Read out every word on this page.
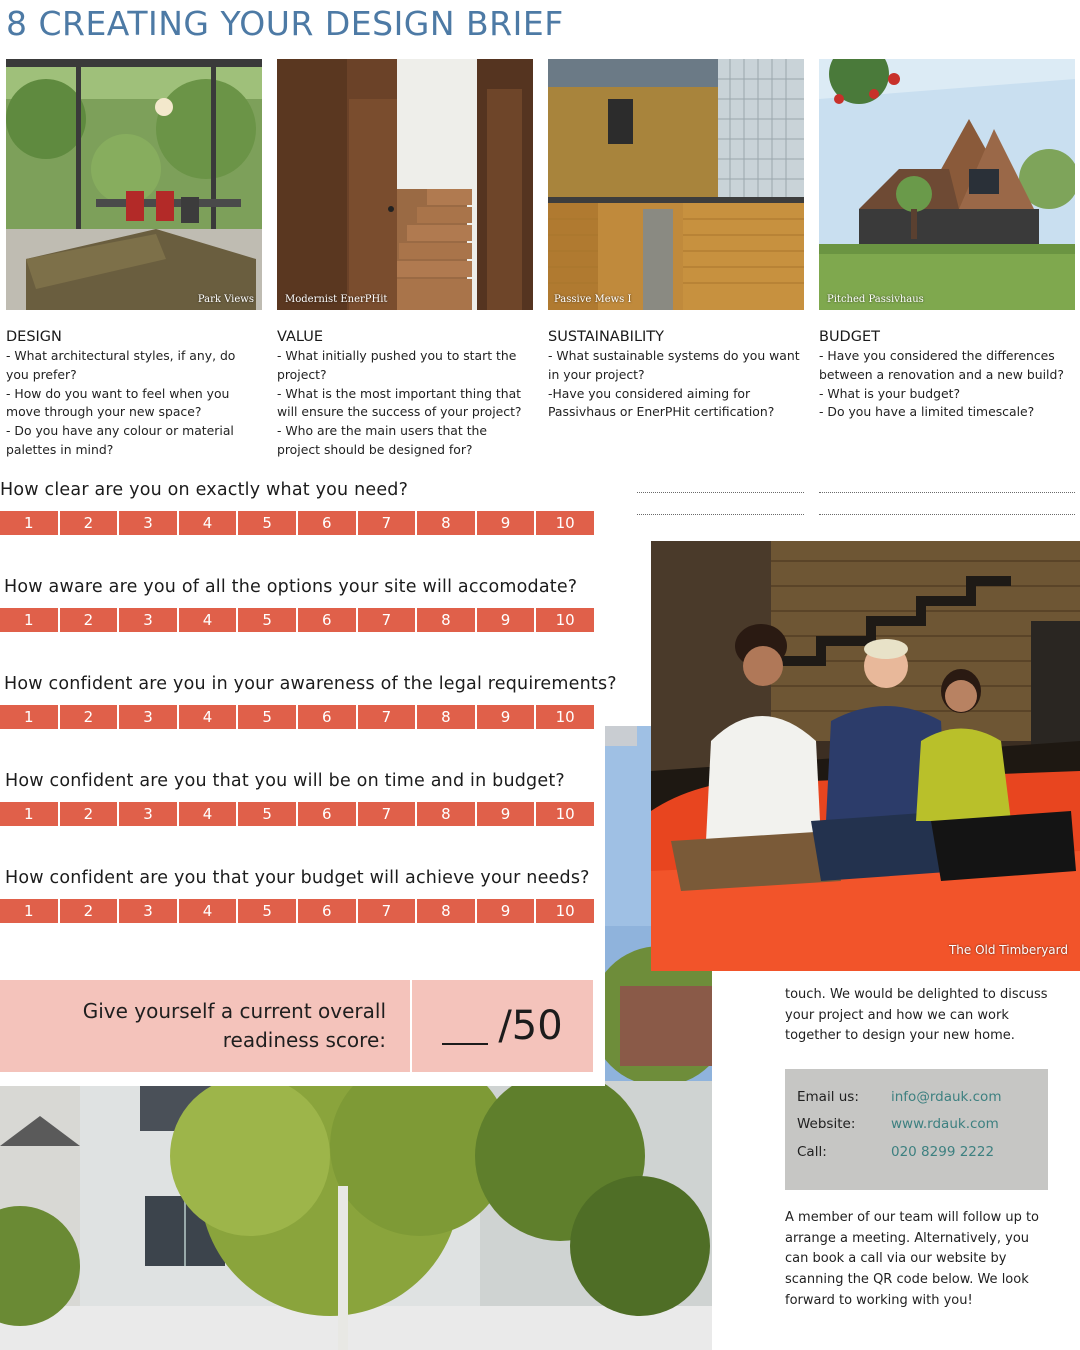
8 CREATING YOUR DESIGN BRIEF
Park Views	Modernist EnerPHit	Passive Mews I	Pitched Passivhaus
DESIGN
- What architectural styles, if any, do you prefer?
- How do you want to feel when you move through your new space?
- Do you have any colour or material palettes in mind?
VALUE
- What initially pushed you to start the project?
- What is the most important thing that will ensure the success of your project?
- Who are the main users that the project should be designed for?
SUSTAINABILITY
- What sustainable systems do you want in your project?
-Have you considered aiming for Passivhaus or EnerPHit certification?
BUDGET
- Have you considered the differences between a renovation and a new build?
- What is your budget?
- Do you have a limited timescale?
How clear are you on exactly what you need?
1	2	3	4	5	6	7	8	9	10
How aware are you of all the options your site will accomodate?
1	2	3	4	5	6	7	8	9	10
How confident are you in your awareness of the legal requirements?
1	2	3	4	5	6	7	8	9	10
How confident are you that you will be on time and in budget?
1	2	3	4	5	6	7	8	9	10
How confident are you that your budget will achieve your needs?
1	2	3	4	5	6	7	8	9	10
Give yourself a current overall
readiness score:	/50
The Old Timberyard

touch. We would be delighted to discuss your project and how we can work together to design your new home.

Email us:	info@rdauk.com
Website:	www.rdauk.com
Call:	020 8299 2222

A member of our team will follow up to arrange a meeting. Alternatively, you can book a call via our website by scanning the QR code below. We look forward to working with you!
